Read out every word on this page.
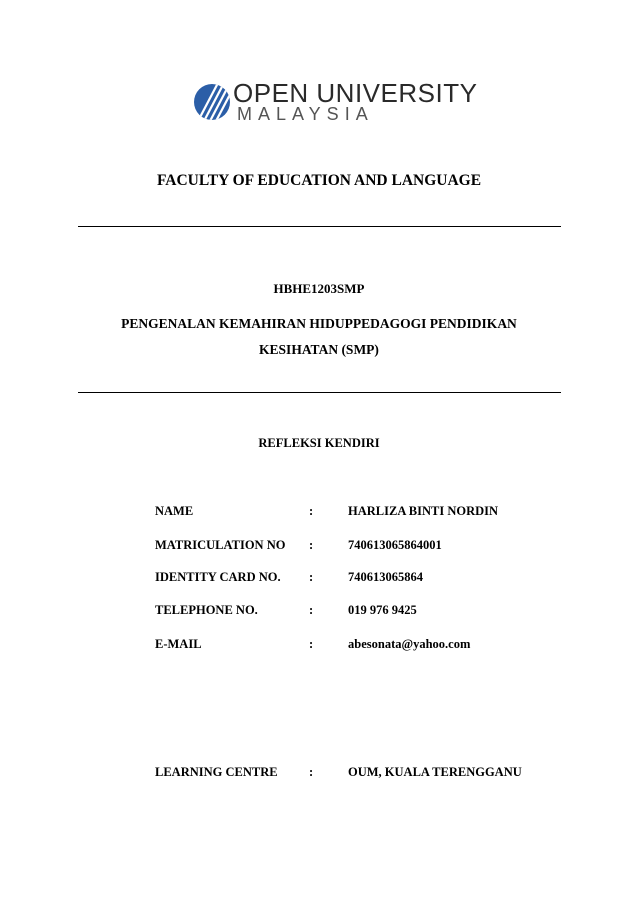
OPEN UNIVERSITY
MALAYSIA
FACULTY OF EDUCATION AND LANGUAGE
HBHE1203SMP
PENGENALAN KEMAHIRAN HIDUPPEDAGOGI PENDIDIKAN
KESIHATAN (SMP)
REFLEKSI KENDIRI
NAME	:	HARLIZA BINTI NORDIN
MATRICULATION NO :	740613065864001
IDENTITY CARD NO. :	740613065864
TELEPHONE NO.	:	019 976 9425
E-MAIL	:	abesonata@yahoo.com
LEARNING CENTRE	:	OUM, KUALA TERENGGANU
